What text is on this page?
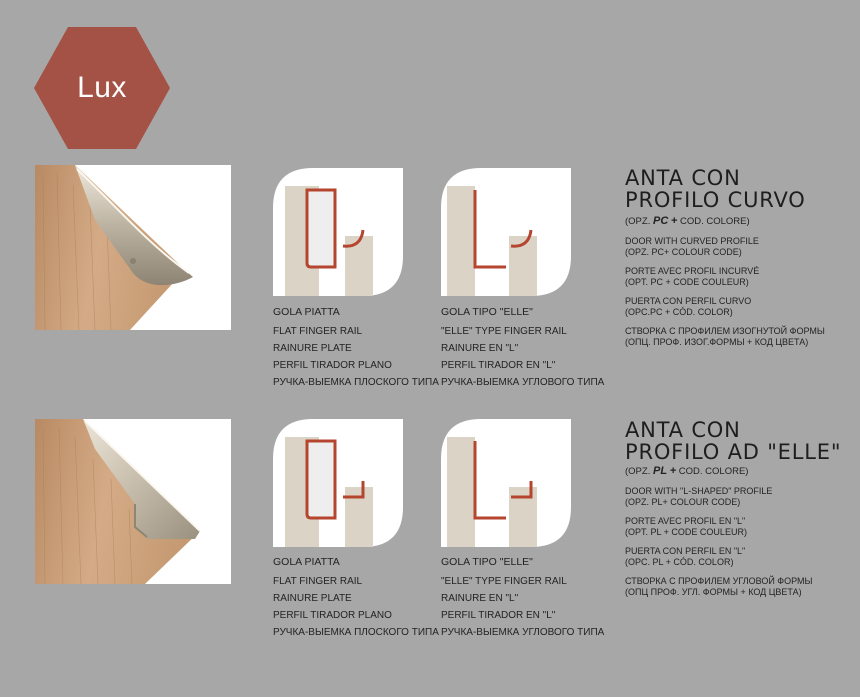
Lux
GOLA PIATTA
FLAT FINGER RAIL
RAINURE PLATE
PERFIL TIRADOR PLANO
РУЧКА-ВЫЕМКА ПЛОСКОГО ТИПА
GOLA TIPO "ELLE"
"ELLE" TYPE FINGER RAIL
RAINURE EN "L"
PERFIL TIRADOR EN "L"
РУЧКА-ВЫЕМКА УГЛОВОГО ТИПА
ANTA CON
PROFILO CURVO
(OPZ. PC + COD. COLORE)
DOOR WITH CURVED PROFILE
(OPZ. PC+ COLOUR CODE)
PORTE AVEC PROFIL INCURVÉ
(OPT. PC + CODE COULEUR)
PUERTA CON PERFIL CURVO
(OPC.PC + CÓD. COLOR)
СТВОРКА С ПРОФИЛЕМ ИЗОГНУТОЙ ФОРМЫ
(ОПЦ. ПРОФ. ИЗОГ.ФОРМЫ + КОД ЦВЕТА)
GOLA PIATTA
FLAT FINGER RAIL
RAINURE PLATE
PERFIL TIRADOR PLANO
РУЧКА-ВЫЕМКА ПЛОСКОГО ТИПА
GOLA TIPO "ELLE"
"ELLE" TYPE FINGER RAIL
RAINURE EN "L"
PERFIL TIRADOR EN "L"
РУЧКА-ВЫЕМКА УГЛОВОГО ТИПА
ANTA CON
PROFILO AD "ELLE"
(OPZ. PL + COD. COLORE)
DOOR WITH "L-SHAPED" PROFILE
(OPZ. PL+ COLOUR CODE)
PORTE AVEC PROFIL EN "L"
(OPT. PL + CODE COULEUR)
PUERTA CON PERFIL EN "L"
(OPC. PL + CÓD. COLOR)
СТВОРКА С ПРОФИЛЕМ УГЛОВОЙ ФОРМЫ
(ОПЦ ПРОФ. УГЛ. ФОРМЫ + КОД ЦВЕТА)
